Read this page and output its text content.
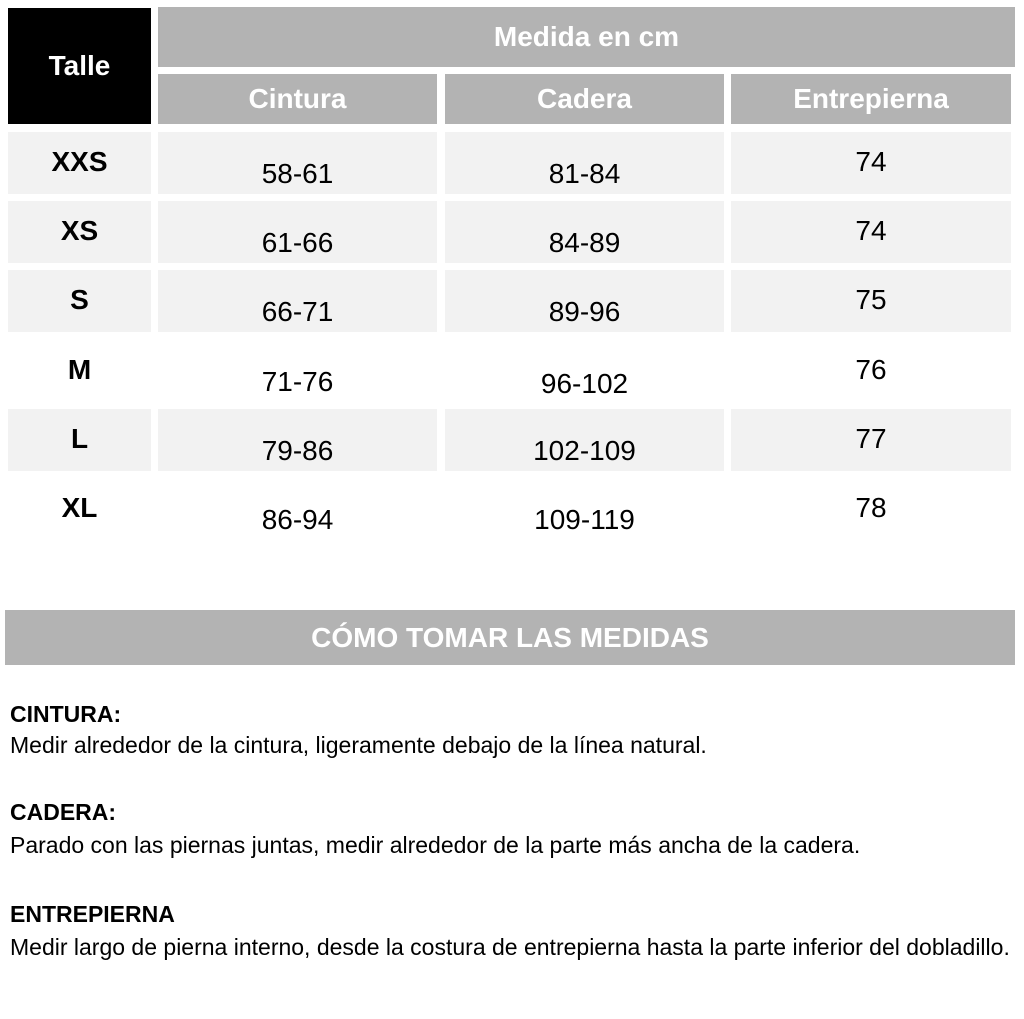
Talle
Medida en cm
Cintura	Cadera	Entrepierna
XXS	58-61	81-84	74
XS	61-66	84-89	74
S	66-71	89-96	75
M	71-76	96-102	76
L	79-86	102-109	77
XL	86-94	109-119	78
CÓMO TOMAR LAS MEDIDAS
CINTURA:
Medir alrededor de la cintura, ligeramente debajo de la línea natural.
CADERA:
Parado con las piernas juntas, medir alrededor de la parte más ancha de la cadera.
ENTREPIERNA
Medir largo de pierna interno, desde la costura de entrepierna hasta la parte inferior del dobladillo.
